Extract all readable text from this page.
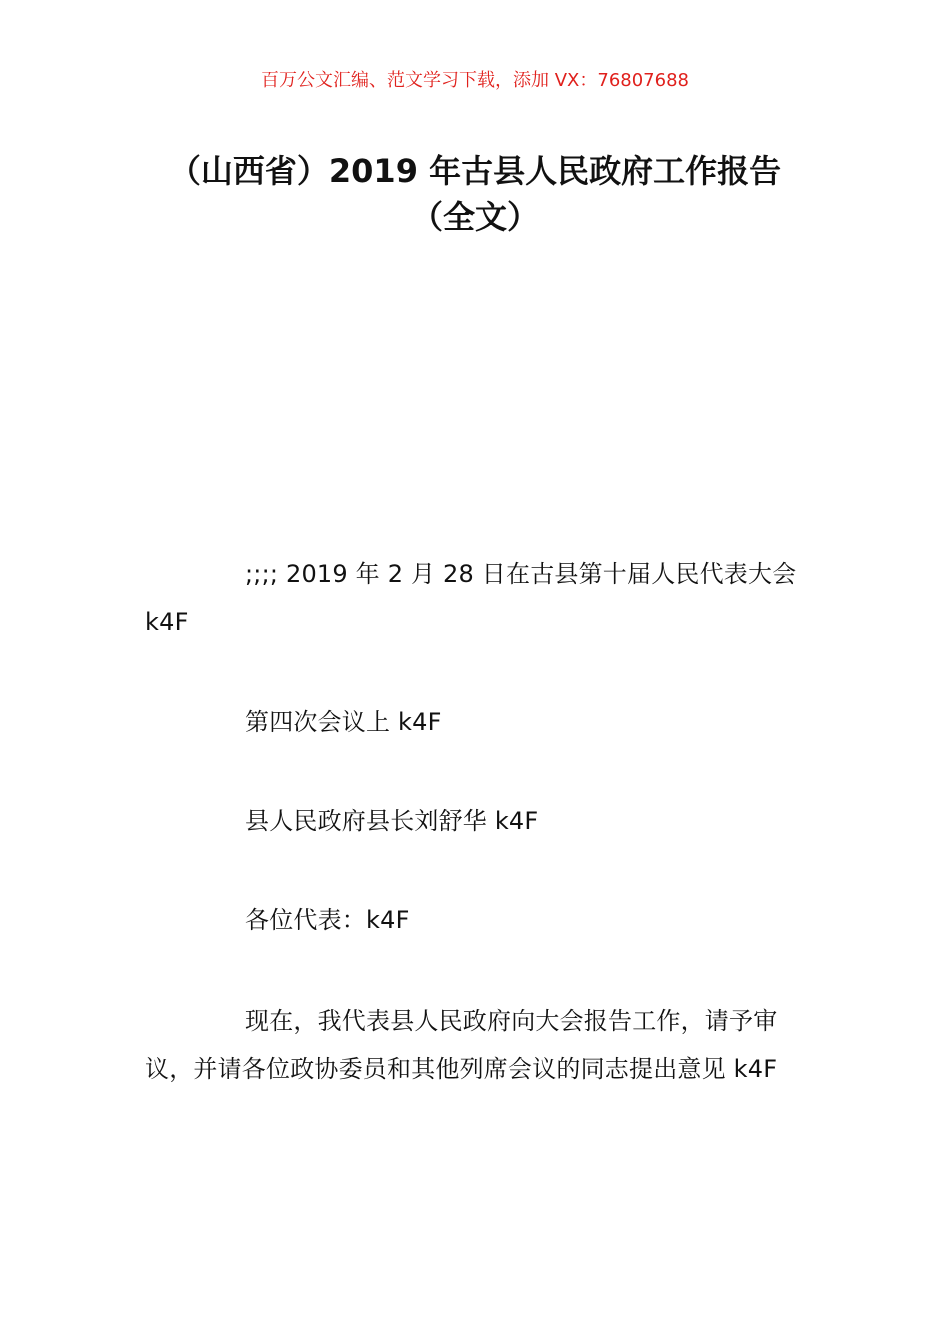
百万公文汇编、范文学习下载，添加 VX：76807688
（山西省）2019 年古县人民政府工作报告
（全文）

;;;; 2019 年 2 月 28 日在古县第十届人民代表大会 k4F

第四次会议上 k4F

县人民政府县长刘舒华 k4F

各位代表：k4F

现在，我代表县人民政府向大会报告工作，请予审议，并请各位政协委员和其他列席会议的同志提出意见 k4F
